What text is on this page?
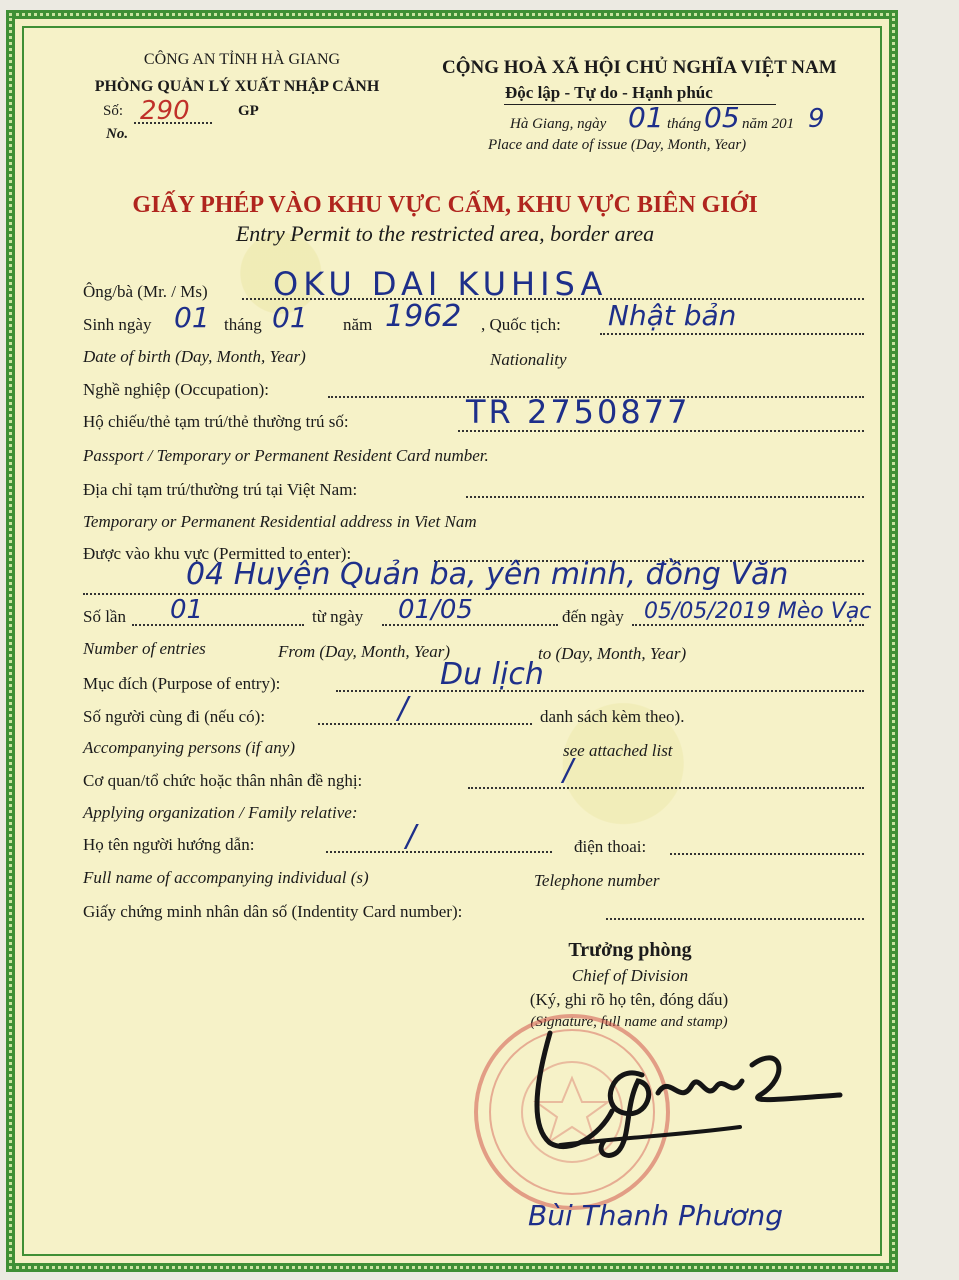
CÔNG AN TỈNH HÀ GIANG
PHÒNG QUẢN LÝ XUẤT NHẬP CẢNH
Số: 290	GP
No.
CỘNG HOÀ XÃ HỘI CHỦ NGHĨA VIỆT NAM
Độc lập - Tự do - Hạnh phúc
Hà Giang, ngày 01 tháng 05 năm 201 9
Place and date of issue (Day, Month, Year)
GIẤY PHÉP VÀO KHU VỰC CẤM, KHU VỰC BIÊN GIỚI
Entry Permit to the restricted area, border area
Ông/bà (Mr. / Ms) OKU DAI KUHISA
Sinh ngày 01 tháng 01 năm 1962 , Quốc tịch: Nhật bản
Date of birth (Day, Month, Year)	Nationality
Nghề nghiệp (Occupation):
Hộ chiếu/thẻ tạm trú/thẻ thường trú số:	TR 2750877
Passport / Temporary or Permanent Resident Card number.
Địa chỉ tạm trú/thường trú tại Việt Nam:
Temporary or Permanent Residential address in Viet Nam
Được vào khu vực (Permitted to enter):
04 Huyện Quản ba, yên minh, đồng Văn
Số lần 01	từ ngày 01/05	đến ngày 05/05/2019 Mèo Vạc
Number of entries	From (Day, Month, Year)	to (Day, Month, Year)
Mục đích (Purpose of entry):	Du lịch
Số người cùng đi (nếu có):	/	danh sách kèm theo).
Accompanying persons (if any)	see attached list
Cơ quan/tổ chức hoặc thân nhân đề nghị:	/
Applying organization / Family relative:
Họ tên người hướng dẫn:	/	điện thoai:
Full name of accompanying individual (s)	Telephone number
Giấy chứng minh nhân dân số (Indentity Card number):
Trưởng phòng
Chief of Division
(Ký, ghi rõ họ tên, đóng dấu)
(Signature, full name and stamp)
Bùi Thanh Phương
